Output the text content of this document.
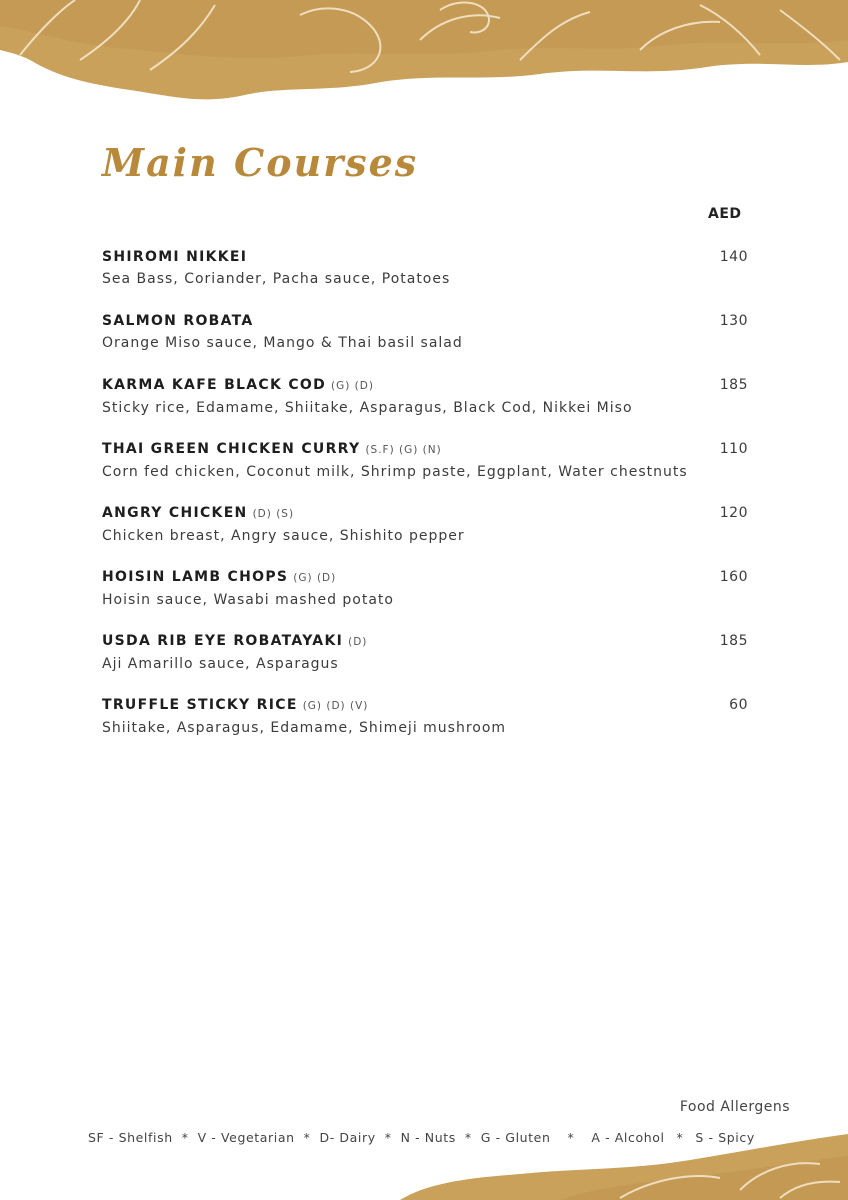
Main Courses
AED
SHIROMI NIKKEI
Sea Bass, Coriander, Pacha sauce, Potatoes
140
SALMON ROBATA
Orange Miso sauce, Mango & Thai basil salad
130
KARMA KAFE BLACK COD (G) (D)
Sticky rice, Edamame, Shiitake, Asparagus, Black Cod, Nikkei Miso
185
THAI GREEN CHICKEN CURRY (S.F) (G) (N)
Corn fed chicken, Coconut milk, Shrimp paste, Eggplant, Water chestnuts
110
ANGRY CHICKEN (D) (S)
Chicken breast, Angry sauce, Shishito pepper
120
HOISIN LAMB CHOPS (G) (D)
Hoisin sauce, Wasabi mashed potato
160
USDA RIB EYE ROBATAYAKI (D)
Aji Amarillo sauce, Asparagus
185
TRUFFLE STICKY RICE (G) (D) (V)
Shiitake, Asparagus, Edamame, Shimeji mushroom
60
Food Allergens
SF - Shelfish * V - Vegetarian * D- Dairy * N - Nuts * G - Gluten * A - Alcohol * S - Spicy
